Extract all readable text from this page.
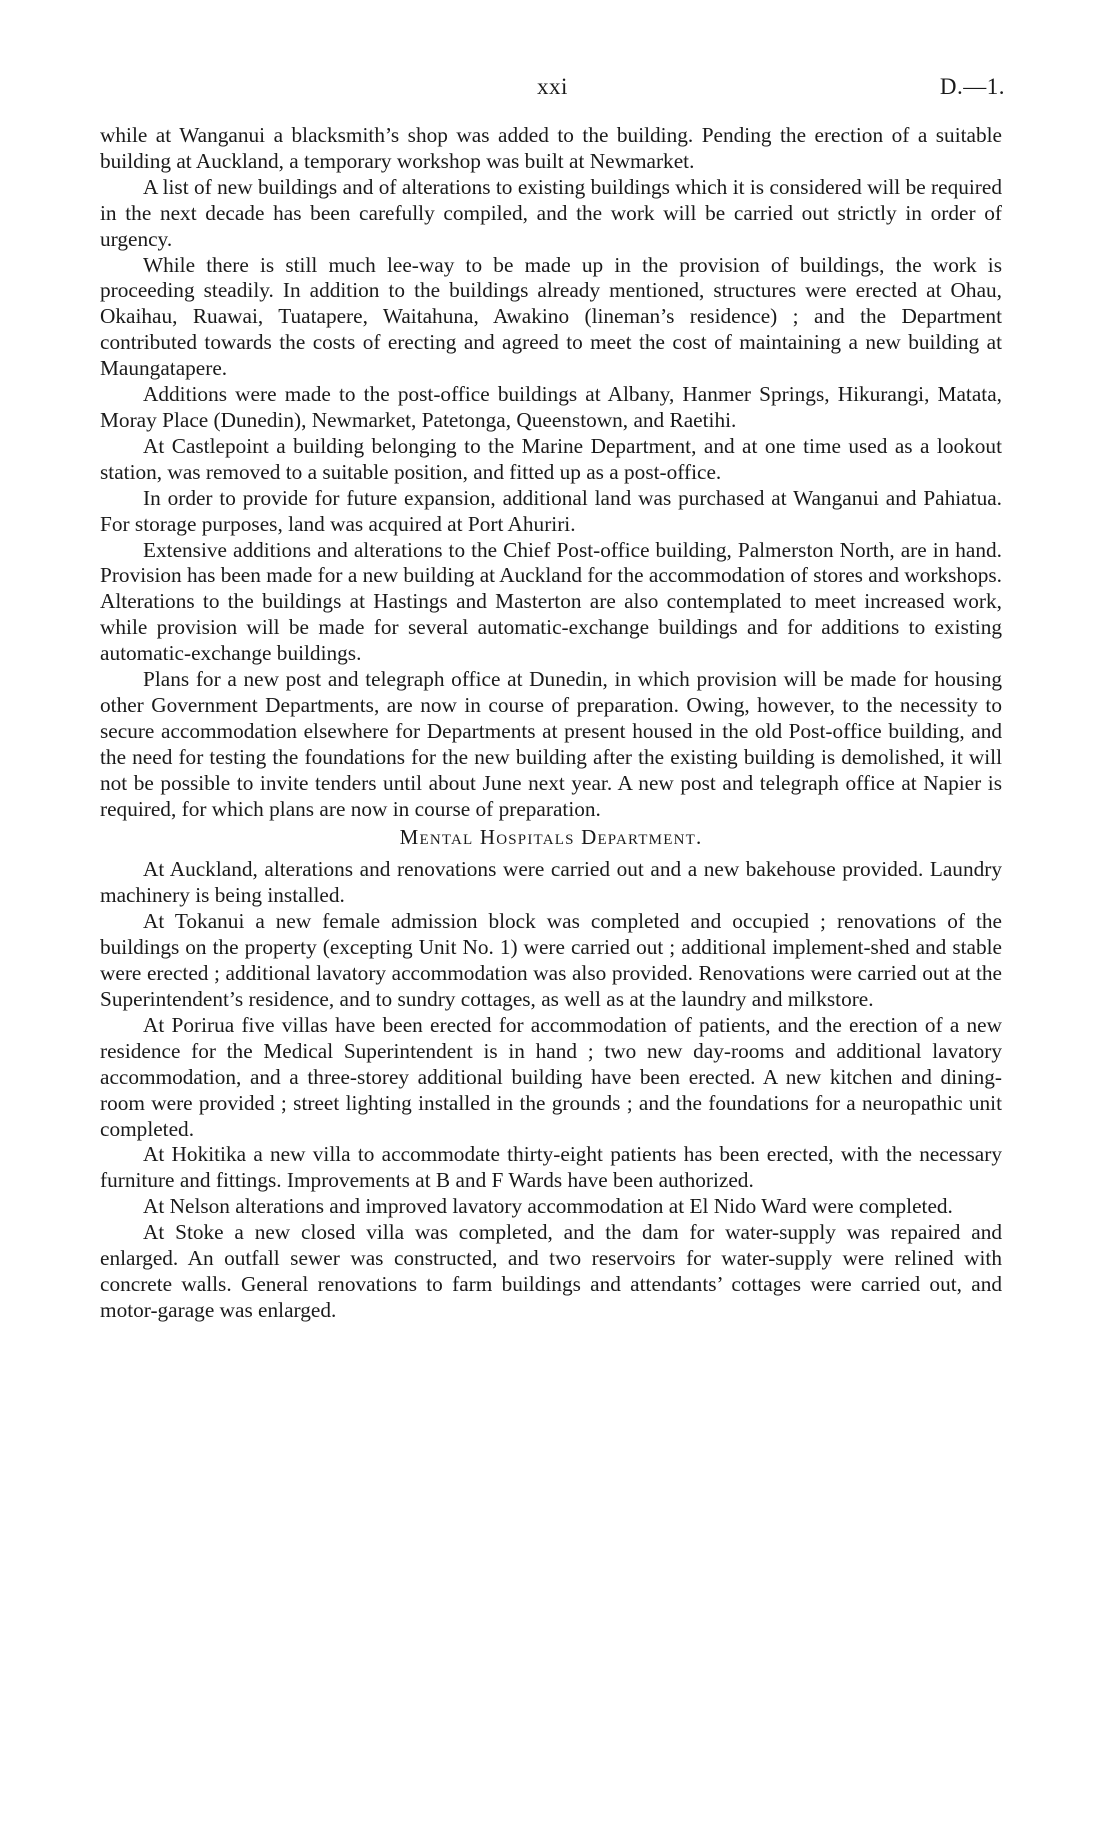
xxi	D.—1.

while at Wanganui a blacksmith’s shop was added to the building. Pending the erection of a suitable building at Auckland, a temporary workshop was built at Newmarket.

A list of new buildings and of alterations to existing buildings which it is considered will be required in the next decade has been carefully compiled, and the work will be carried out strictly in order of urgency.

While there is still much lee-way to be made up in the provision of buildings, the work is proceeding steadily. In addition to the buildings already mentioned, structures were erected at Ohau, Okaihau, Ruawai, Tuatapere, Waitahuna, Awakino (lineman’s residence) ; and the Department contributed towards the costs of erecting and agreed to meet the cost of maintaining a new building at Maungatapere.

Additions were made to the post-office buildings at Albany, Hanmer Springs, Hikurangi, Matata, Moray Place (Dunedin), Newmarket, Patetonga, Queenstown, and Raetihi.

At Castlepoint a building belonging to the Marine Department, and at one time used as a lookout station, was removed to a suitable position, and fitted up as a post-office.

In order to provide for future expansion, additional land was purchased at Wanganui and Pahiatua. For storage purposes, land was acquired at Port Ahuriri.

Extensive additions and alterations to the Chief Post-office building, Palmerston North, are in hand. Provision has been made for a new building at Auckland for the accommodation of stores and workshops. Alterations to the buildings at Hastings and Masterton are also contemplated to meet increased work, while provision will be made for several automatic-exchange buildings and for additions to existing automatic-exchange buildings.

Plans for a new post and telegraph office at Dunedin, in which provision will be made for housing other Government Departments, are now in course of preparation. Owing, however, to the necessity to secure accommodation elsewhere for Departments at present housed in the old Post-office building, and the need for testing the foundations for the new building after the existing building is demolished, it will not be possible to invite tenders until about June next year. A new post and telegraph office at Napier is required, for which plans are now in course of preparation.

Mental Hospitals Department.

At Auckland, alterations and renovations were carried out and a new bakehouse provided. Laundry machinery is being installed.

At Tokanui a new female admission block was completed and occupied ; renovations of the buildings on the property (excepting Unit No. 1) were carried out ; additional implement-shed and stable were erected ; additional lavatory accommodation was also provided. Renovations were carried out at the Superintendent’s residence, and to sundry cottages, as well as at the laundry and milkstore.

At Porirua five villas have been erected for accommodation of patients, and the erection of a new residence for the Medical Superintendent is in hand ; two new day-rooms and additional lavatory accommodation, and a three-storey additional building have been erected. A new kitchen and dining-room were provided ; street lighting installed in the grounds ; and the foundations for a neuropathic unit completed.

At Hokitika a new villa to accommodate thirty-eight patients has been erected, with the necessary furniture and fittings. Improvements at B and F Wards have been authorized.

At Nelson alterations and improved lavatory accommodation at El Nido Ward were completed.

At Stoke a new closed villa was completed, and the dam for water-supply was repaired and enlarged. An outfall sewer was constructed, and two reservoirs for water-supply were relined with concrete walls. General renovations to farm buildings and attendants’ cottages were carried out, and motor-garage was enlarged.
